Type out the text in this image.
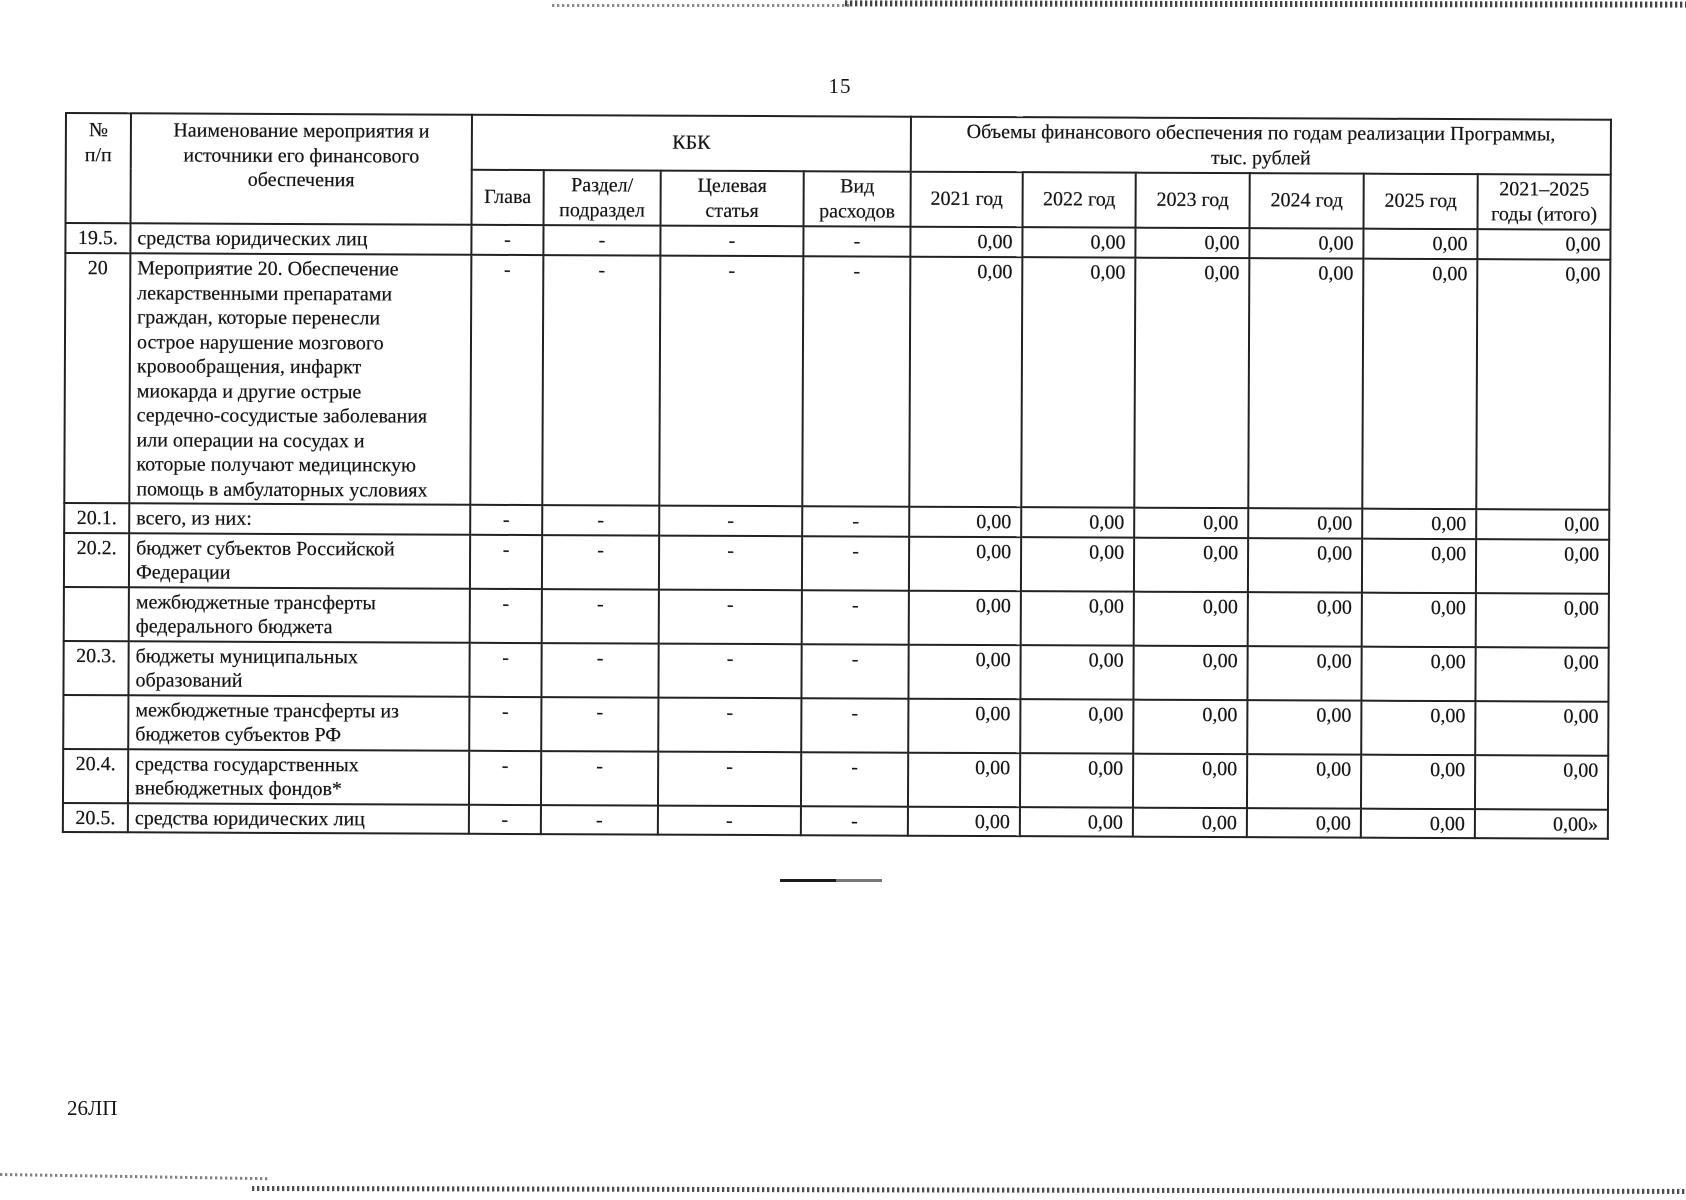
15
№
п/п	Наименование мероприятия и
источники его финансового
обеспечения	КБК				Объемы финансового обеспечения по годам реализации Программы,
тыс. рублей					
		Глава	Раздел/
подраздел	Целевая
статья	Вид
расходов	2021 год	2022 год	2023 год	2024 год	2025 год	2021–2025
годы (итого)
19.5.	средства юридических лиц	-	-	-	-	0,00	0,00	0,00	0,00	0,00	0,00
20	Мероприятие 20. Обеспечение
лекарственными препаратами
граждан, которые перенесли
острое нарушение мозгового
кровообращения, инфаркт
миокарда и другие острые
сердечно-сосудистые заболевания
или операции на сосудах и
которые получают медицинскую
помощь в амбулаторных условиях	-	-	-	-	0,00	0,00	0,00	0,00	0,00	0,00
20.1.	всего, из них:	-	-	-	-	0,00	0,00	0,00	0,00	0,00	0,00
20.2.	бюджет субъектов Российской
Федерации	-	-	-	-	0,00	0,00	0,00	0,00	0,00	0,00
	межбюджетные трансферты
федерального бюджета	-	-	-	-	0,00	0,00	0,00	0,00	0,00	0,00
20.3.	бюджеты муниципальных
образований	-	-	-	-	0,00	0,00	0,00	0,00	0,00	0,00
	межбюджетные трансферты из
бюджетов субъектов РФ	-	-	-	-	0,00	0,00	0,00	0,00	0,00	0,00
20.4.	средства государственных
внебюджетных фондов*	-	-	-	-	0,00	0,00	0,00	0,00	0,00	0,00
20.5.	средства юридических лиц	-	-	-	-	0,00	0,00	0,00	0,00	0,00	0,00»
26ЛП
